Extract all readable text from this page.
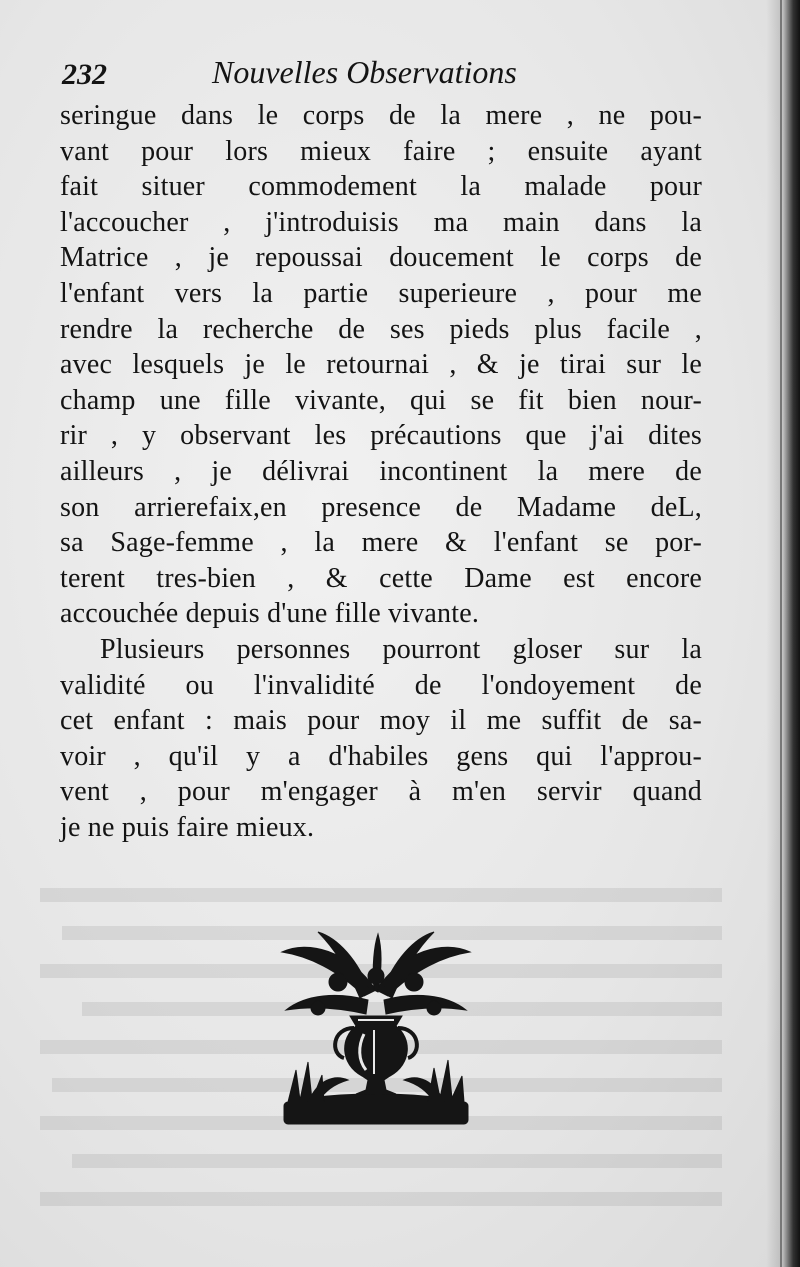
232	Nouvelles Observations
seringue dans le corps de la mere , ne pou-
vant pour lors mieux faire ; ensuite ayant
fait situer commodement la malade pour
l'accoucher , j'introduisis ma main dans la
Matrice , je repoussai doucement le corps de
l'enfant vers la partie superieure , pour me
rendre la recherche de ses pieds plus facile ,
avec lesquels je le retournai , & je tirai sur le
champ une fille vivante, qui se fit bien nour-
rir , y observant les précautions que j'ai dites
ailleurs , je délivrai incontinent la mere de
son arrierefaix,en presence de Madame deL,
sa Sage-femme , la mere & l'enfant se por-
terent tres-bien , & cette Dame est encore
accouchée depuis d'une fille vivante.
Plusieurs personnes pourront gloser sur la
validité ou l'invalidité de l'ondoyement de
cet enfant : mais pour moy il me suffit de sa-
voir , qu'il y a d'habiles gens qui l'approu-
vent , pour m'engager à m'en servir quand
je ne puis faire mieux.
